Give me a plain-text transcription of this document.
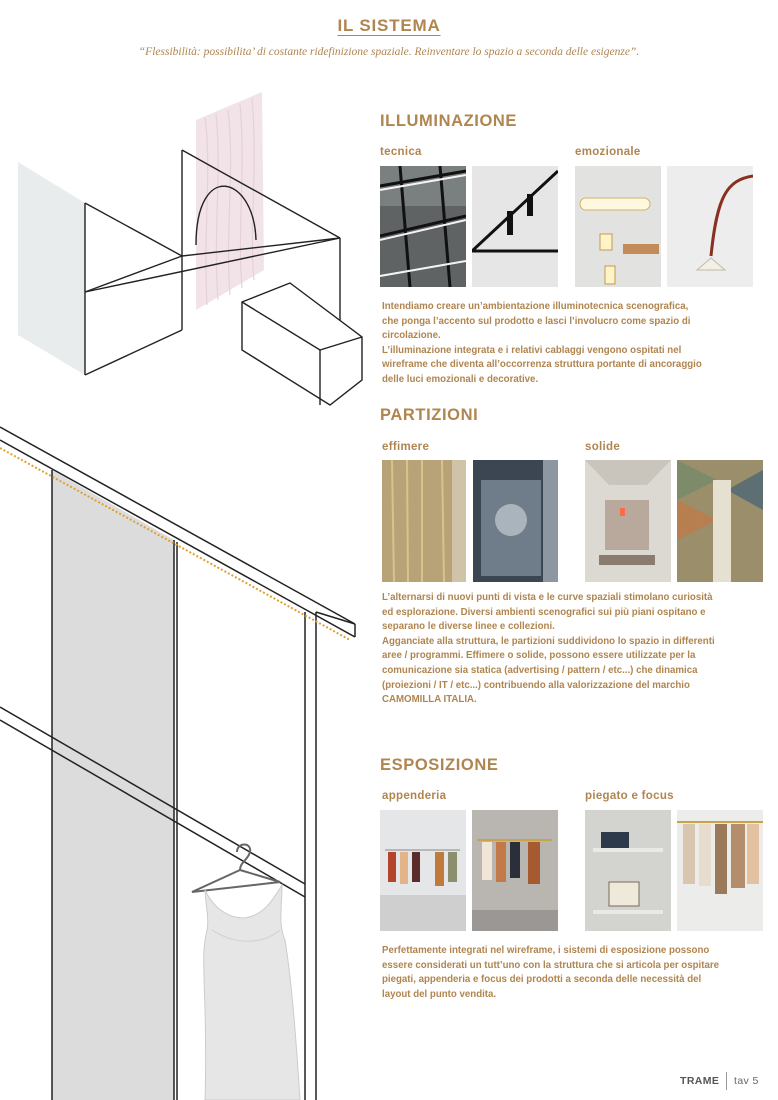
IL SISTEMA
“Flessibilità: possibilita’ di costante ridefinizione spaziale. Reinventare lo spazio a seconda delle esigenze”.
ILLUMINAZIONE
tecnica	emozionale

Intendiamo creare un’ambientazione illuminotecnica scenografica,

che ponga l’accento sul prodotto e lasci l’involucro come spazio di

circolazione.

L’illuminazione integrata e i relativi cablaggi vengono ospitati nel

wireframe che diventa all’occorrenza struttura portante di ancoraggio

delle luci emozionali e decorative.

PARTIZIONI
effimere	solide

L’alternarsi di nuovi punti di vista e le curve spaziali stimolano curiosità

ed esplorazione. Diversi ambienti scenografici sui più piani ospitano e

separano le diverse linee e collezioni.

Agganciate alla struttura, le partizioni suddividono lo spazio in differenti

aree / programmi. Effimere o solide, possono essere utilizzate per la

comunicazione sia statica (advertising / pattern / etc...) che dinamica

(proiezioni / IT / etc...) contribuendo alla valorizzazione del marchio

CAMOMILLA ITALIA.

ESPOSIZIONE
appenderia	piegato e focus

Perfettamente integrati nel wireframe, i sistemi di esposizione possono

essere considerati un tutt’uno con la struttura che si articola per ospitare

piegati, appenderia e focus dei prodotti a seconda delle necessità del

layout del punto vendita.

TRAME tav 5
